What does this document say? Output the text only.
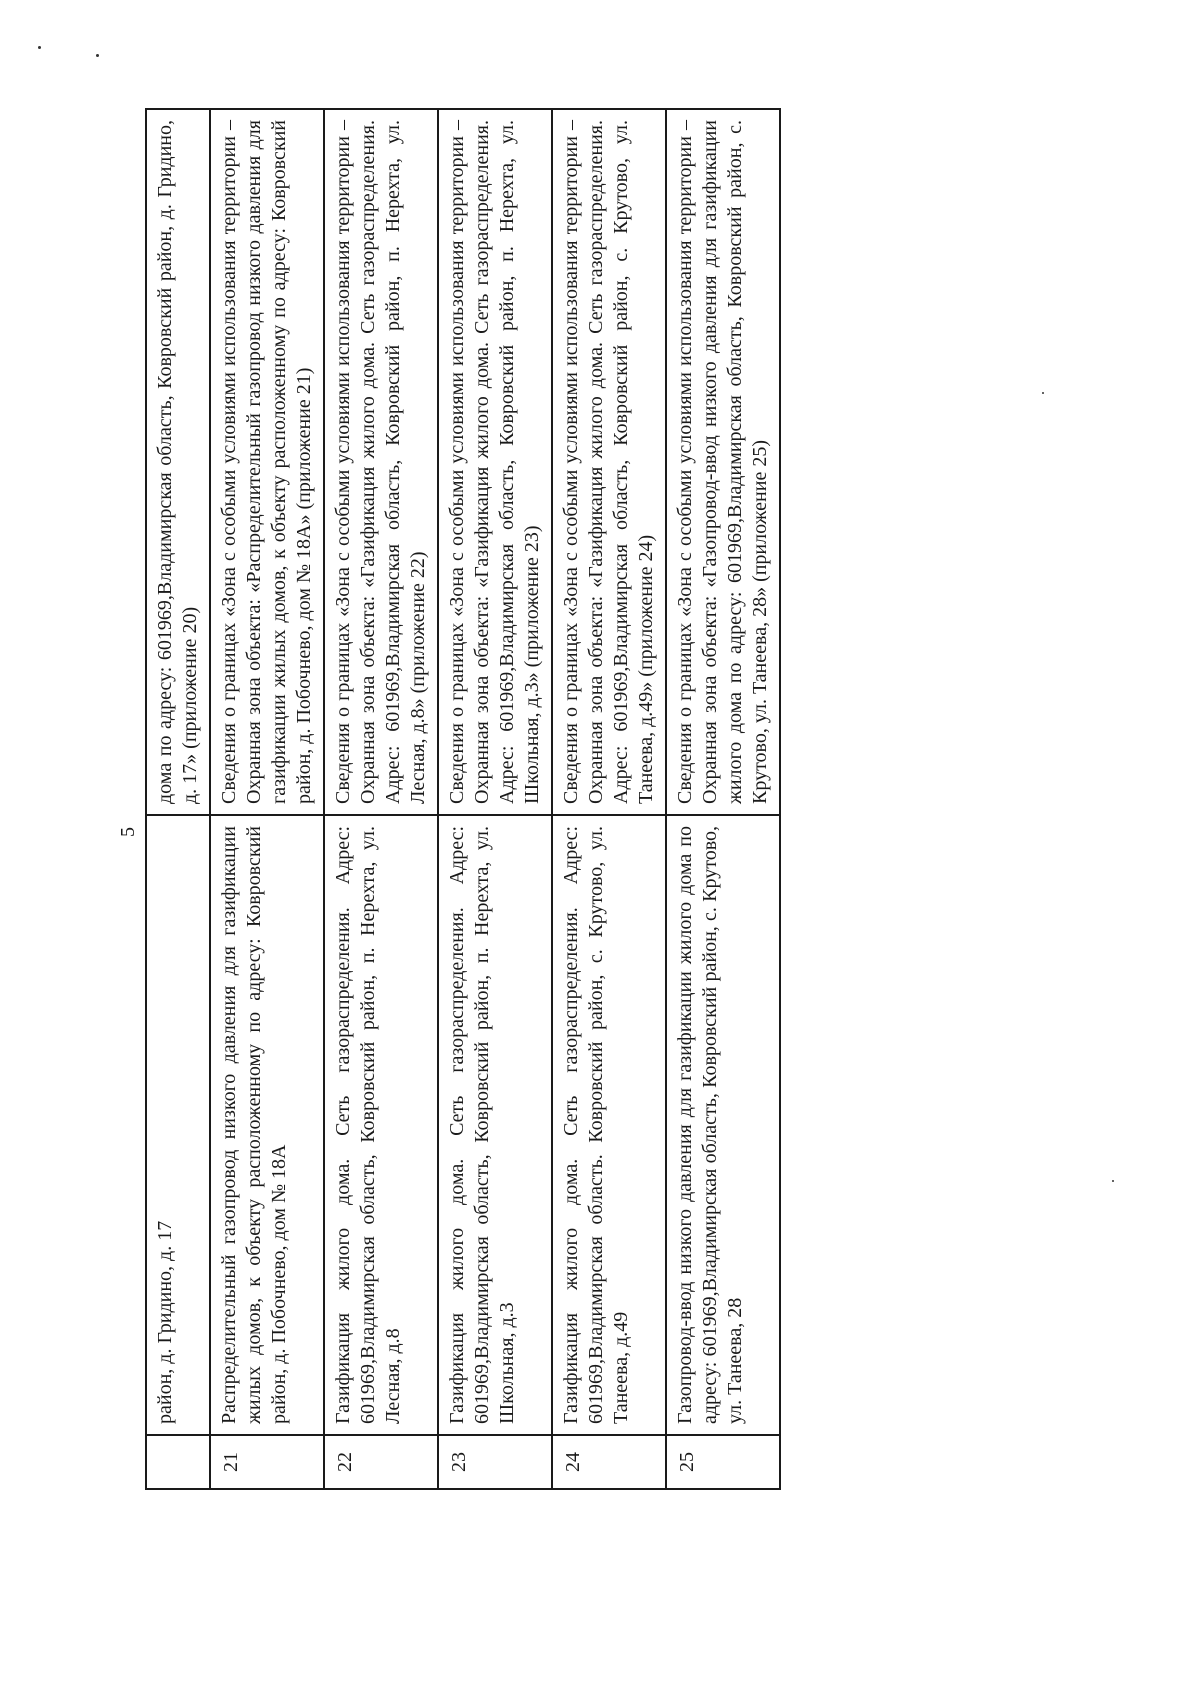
5
	район, д. Гридино, д. 17	дома по адресу: 601969,Владимирская область, Ковровский район, д. Гридино, д. 17» (приложение 20)
21	Распределительный газопровод низкого давления для газификации жилых домов, к объекту расположенному по адресу: Ковровский район, д. Побочнево, дом № 18А	Сведения о границах «Зона с особыми условиями использования территории – Охранная зона объекта: «Распределительный газопровод низкого давления для газификации жилых домов, к объекту расположенному по адресу: Ковровский район, д. Побочнево, дом № 18А» (приложение 21)
22	Газификация жилого дома. Сеть газораспределения. Адрес: 601969,Владимирская область, Ковровский район, п. Нерехта, ул. Лесная, д.8	Сведения о границах «Зона с особыми условиями использования территории – Охранная зона объекта: «Газификация жилого дома. Сеть газораспределения. Адрес: 601969,Владимирская область, Ковровский район, п. Нерехта, ул. Лесная, д.8» (приложение 22)
23	Газификация жилого дома. Сеть газораспределения. Адрес: 601969,Владимирская область, Ковровский район, п. Нерехта, ул. Школьная, д.3	Сведения о границах «Зона с особыми условиями использования территории – Охранная зона объекта: «Газификация жилого дома. Сеть газораспределения. Адрес: 601969,Владимирская область, Ковровский район, п. Нерехта, ул. Школьная, д.3» (приложение 23)
24	Газификация жилого дома. Сеть газораспределения. Адрес: 601969,Владимирская область. Ковровский район, с. Крутово, ул. Танеева, д.49	Сведения о границах «Зона с особыми условиями использования территории – Охранная зона объекта: «Газификация жилого дома. Сеть газораспределения. Адрес: 601969,Владимирская область, Ковровский район, с. Крутово, ул. Танеева, д.49» (приложение 24)
25	Газопровод-ввод низкого давления для газификации жилого дома по адресу: 601969,Владимирская область, Ковровский район, с. Крутово, ул. Танеева, 28	Сведения о границах «Зона с особыми условиями использования территории – Охранная зона объекта: «Газопровод-ввод низкого давления для газификации жилого дома по адресу: 601969,Владимирская область, Ковровский район, с. Крутово, ул. Танеева, 28» (приложение 25)
